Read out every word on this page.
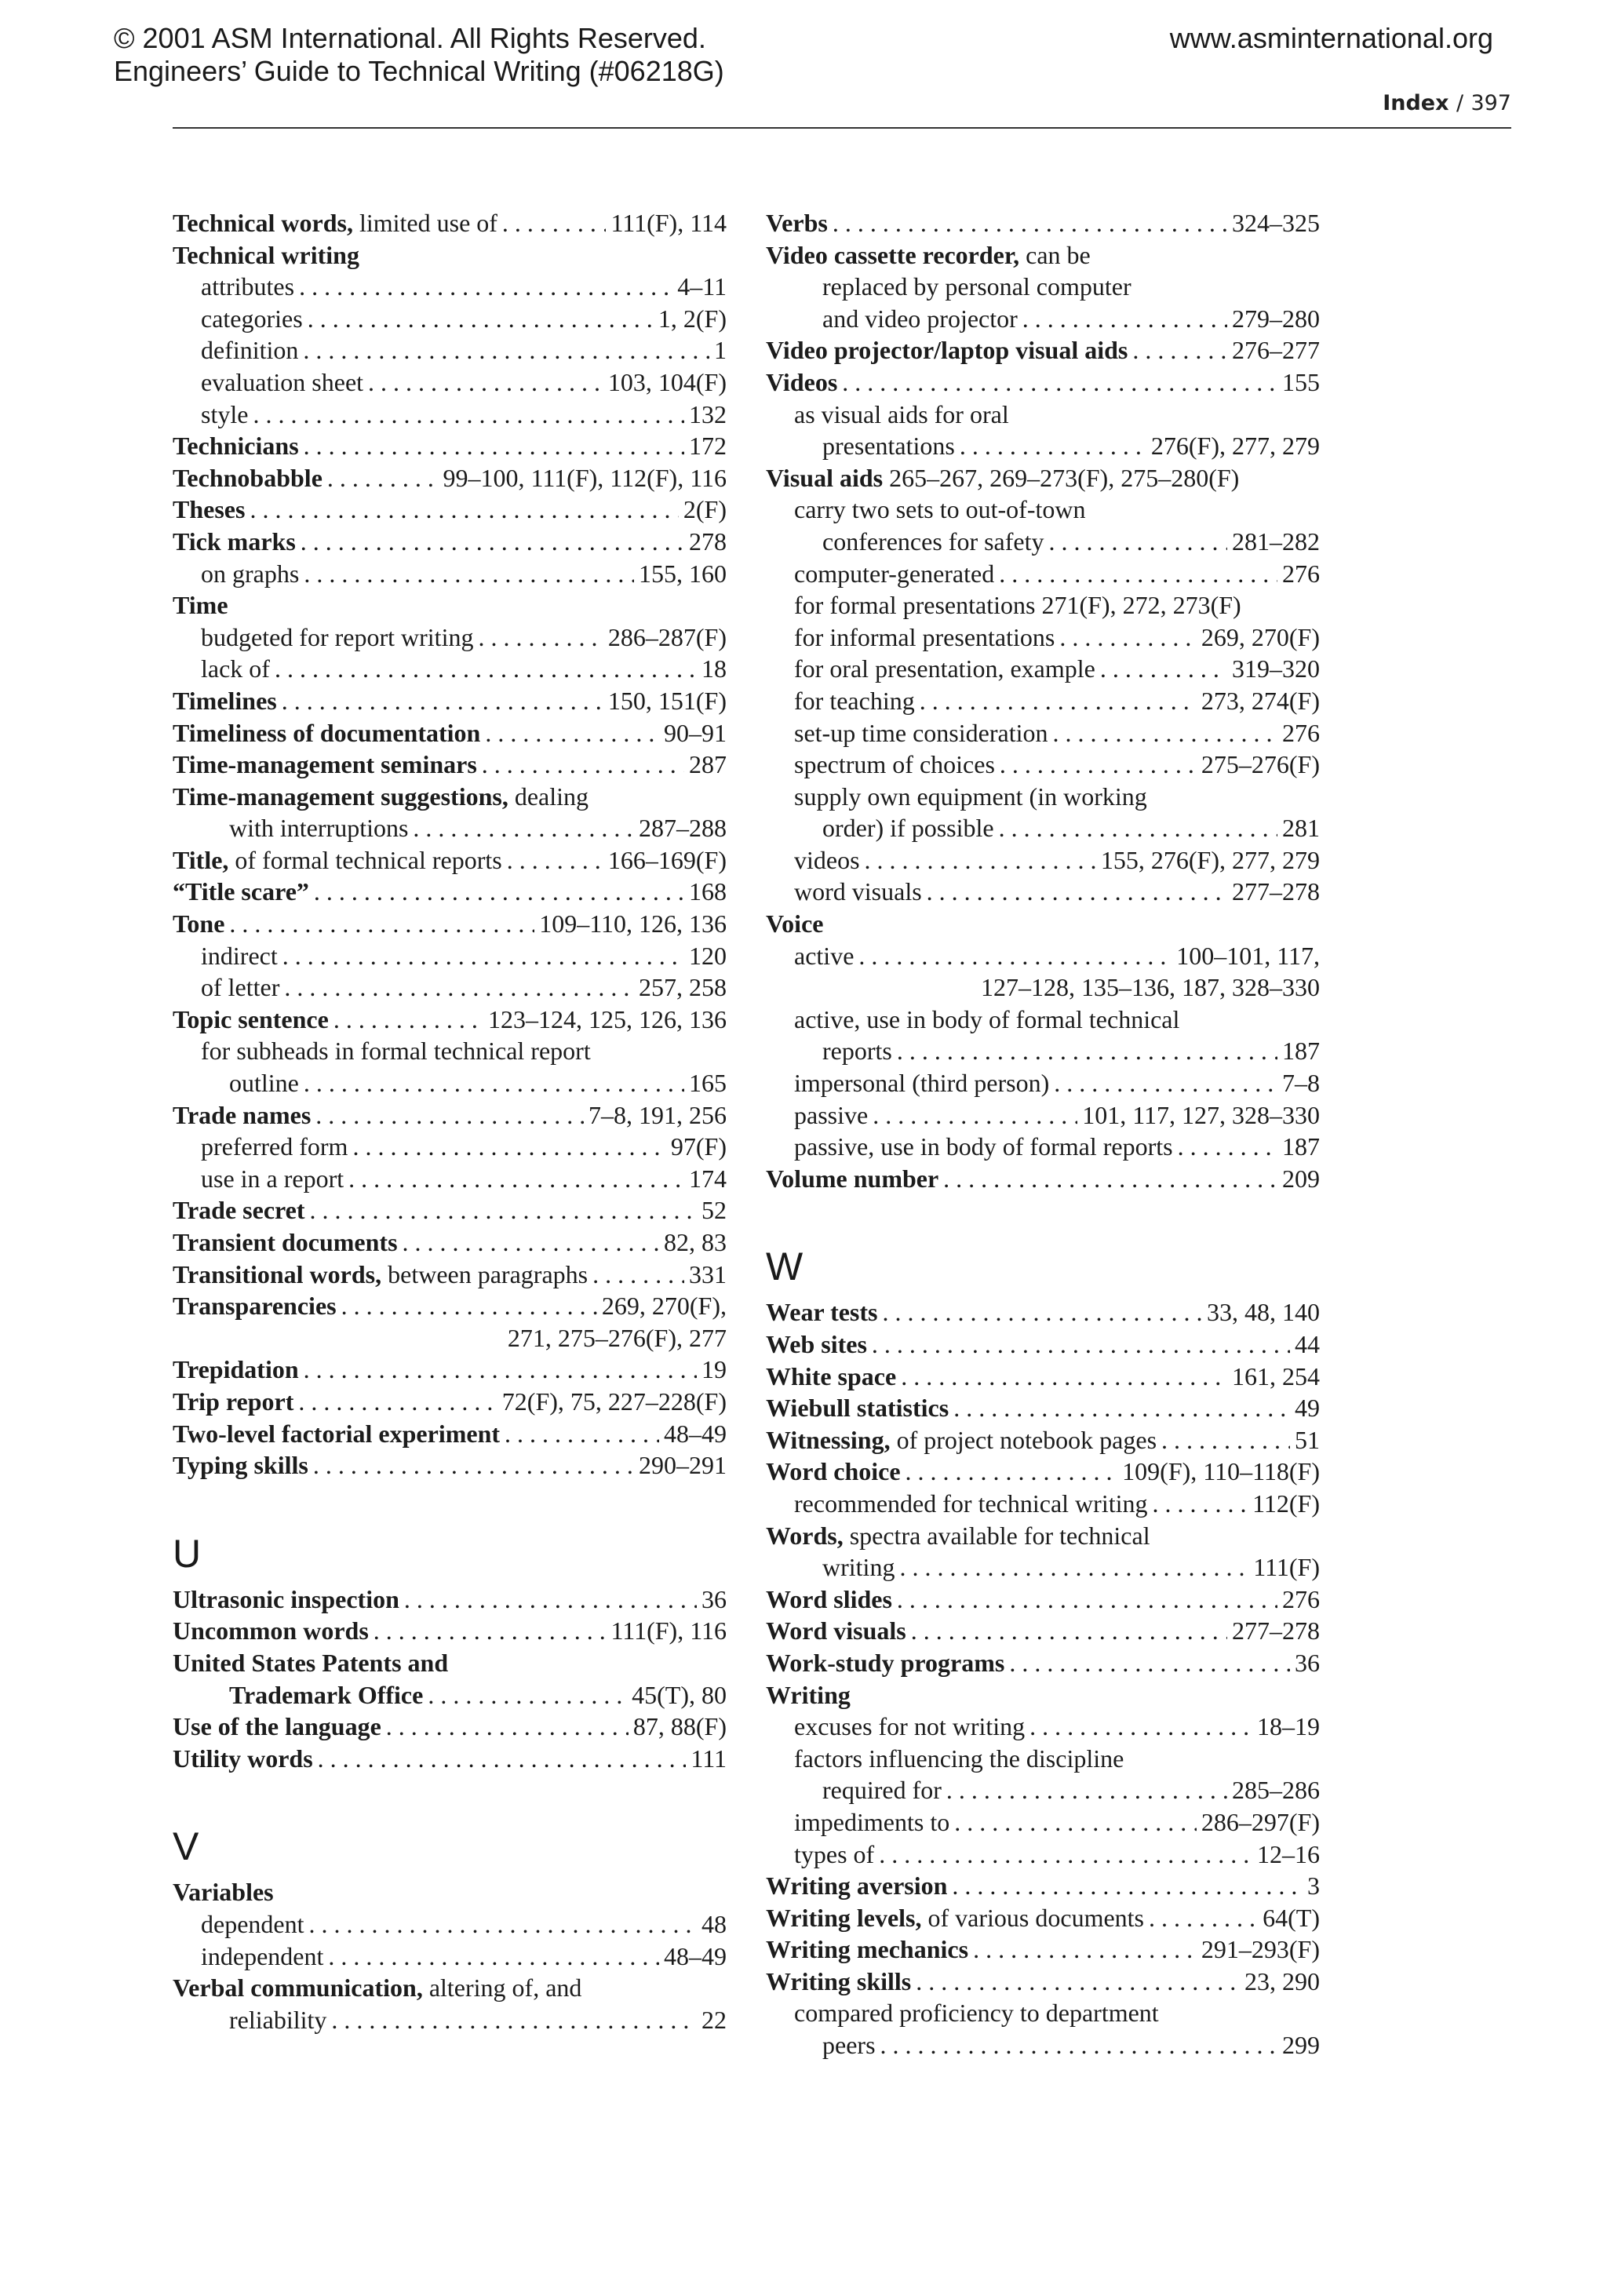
© 2001 ASM International. All Rights Reserved.
Engineers’ Guide to Technical Writing (#06218G)
www.asminternational.org
Index / 397
Technical words, limited use of . . .	111(F), 114
Technical writing
attributes . . .	4–11
categories . . .	1, 2(F)
definition . . .	1
evaluation sheet . . .	103, 104(F)
style . . .	132
Technicians . . .	172
Technobabble . . .	99–100, 111(F), 112(F), 116
Theses . . .	2(F)
Tick marks . . .	278
on graphs . . .	155, 160
Time
budgeted for report writing . . .	286–287(F)
lack of . . .	18
Timelines . . .	150, 151(F)
Timeliness of documentation . . .	90–91
Time-management seminars . . .	287
Time-management suggestions, dealing
with interruptions . . .	287–288
Title, of formal technical reports . . .	166–169(F)
“Title scare” . . .	168
Tone . . .	109–110, 126, 136
indirect . . .	120
of letter . . .	257, 258
Topic sentence . . .	123–124, 125, 126, 136
for subheads in formal technical report
outline . . .	165
Trade names . . .	7–8, 191, 256
preferred form . . .	97(F)
use in a report . . .	174
Trade secret . . .	52
Transient documents . . .	82, 83
Transitional words, between paragraphs . . .	331
Transparencies . . .	269, 270(F),
271, 275–276(F), 277
Trepidation . . .	19
Trip report . . .	72(F), 75, 227–228(F)
Two-level factorial experiment . . .	48–49
Typing skills . . .	290–291
U
Ultrasonic inspection . . .	36
Uncommon words . . .	111(F), 116
United States Patents and
Trademark Office . . .	45(T), 80
Use of the language . . .	87, 88(F)
Utility words . . .	111
V
Variables
dependent . . .	48
independent . . .	48–49
Verbal communication, altering of, and
reliability . . .	22
Verbs . . .	324–325
Video cassette recorder, can be
replaced by personal computer
and video projector . . .	279–280
Video projector/laptop visual aids . . .	276–277
Videos . . .	155
as visual aids for oral
presentations . . .	276(F), 277, 279
Visual aids 265–267, 269–273(F), 275–280(F)
carry two sets to out-of-town
conferences for safety . . .	281–282
computer-generated . . .	276
for formal presentations 271(F), 272, 273(F)
for informal presentations . . .	269, 270(F)
for oral presentation, example . . .	319–320
for teaching . . .	273, 274(F)
set-up time consideration . . .	276
spectrum of choices . . .	275–276(F)
supply own equipment (in working
order) if possible . . .	281
videos . . .	155, 276(F), 277, 279
word visuals . . .	277–278
Voice
active . . .	100–101, 117,
127–128, 135–136, 187, 328–330
active, use in body of formal technical
reports . . .	187
impersonal (third person) . . .	7–8
passive . . .	101, 117, 127, 328–330
passive, use in body of formal reports . . .	187
Volume number . . .	209
W
Wear tests . . .	33, 48, 140
Web sites . . .	44
White space . . .	161, 254
Wiebull statistics . . .	49
Witnessing, of project notebook pages . . .	51
Word choice . . .	109(F), 110–118(F)
recommended for technical writing . . .	112(F)
Words, spectra available for technical
writing . . .	111(F)
Word slides . . .	276
Word visuals . . .	277–278
Work-study programs . . .	36
Writing
excuses for not writing . . .	18–19
factors influencing the discipline
required for . . .	285–286
impediments to . . .	286–297(F)
types of . . .	12–16
Writing aversion . . .	3
Writing levels, of various documents . . .	64(T)
Writing mechanics . . .	291–293(F)
Writing skills . . .	23, 290
compared proficiency to department
peers . . .	299
